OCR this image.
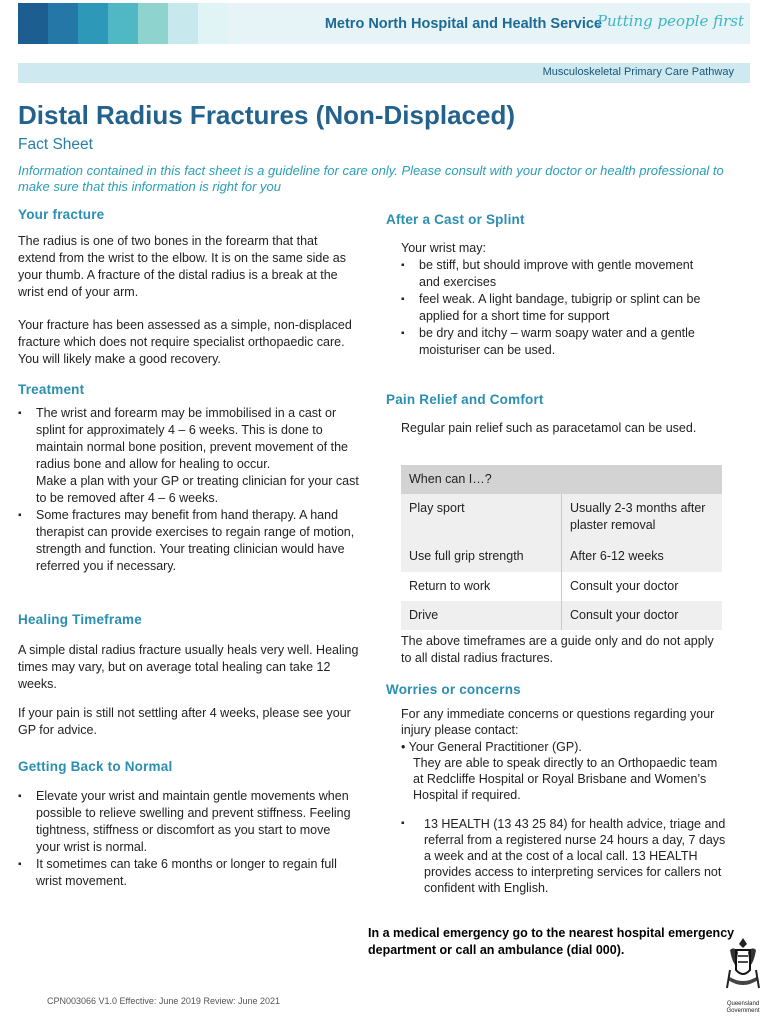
Metro North Hospital and Health Service
Putting people first
Musculoskeletal Primary Care Pathway
Distal Radius Fractures (Non-Displaced)
Fact Sheet
Information contained in this fact sheet is a guideline for care only. Please consult with your doctor or health professional to make sure that this information is right for you
Your fracture

The radius is one of two bones in the forearm that that extend from the wrist to the elbow. It is on the same side as your thumb. A fracture of the distal radius is a break at the wrist end of your arm.

Your fracture has been assessed as a simple, non-displaced fracture which does not require specialist orthopaedic care. You will likely make a good recovery.

Treatment
▪ The wrist and forearm may be immobilised in a cast or splint for approximately 4 – 6 weeks. This is done to maintain normal bone position, prevent movement of the radius bone and allow for healing to occur.
Make a plan with your GP or treating clinician for your cast to be removed after 4 – 6 weeks.
▪ Some fractures may benefit from hand therapy. A hand therapist can provide exercises to regain range of motion, strength and function. Your treating clinician would have referred you if necessary.
Healing Timeframe

A simple distal radius fracture usually heals very well. Healing times may vary, but on average total healing can take 12 weeks.

If your pain is still not settling after 4 weeks, please see your GP for advice.

Getting Back to Normal
▪ Elevate your wrist and maintain gentle movements when possible to relieve swelling and prevent stiffness. Feeling tightness, stiffness or discomfort as you start to move your wrist is normal.
▪ It sometimes can take 6 months or longer to regain full wrist movement.
After a Cast or Splint

Your wrist may:

▪ be stiff, but should improve with gentle movement and exercises
▪ feel weak. A light bandage, tubigrip or splint can be applied for a short time for support
▪ be dry and itchy – warm soapy water and a gentle moisturiser can be used.
Pain Relief and Comfort

Regular pain relief such as paracetamol can be used.

When can I…?	
Play sport	Usually 2-3 months after plaster removal
Use full grip strength	After 6-12 weeks
Return to work	Consult your doctor
Drive	Consult your doctor

The above timeframes are a guide only and do not apply to all distal radius fractures.

Worries or concerns

For any immediate concerns or questions regarding your injury please contact:

• Your General Practitioner (GP).

They are able to speak directly to an Orthopaedic team at Redcliffe Hospital or Royal Brisbane and Women’s Hospital if required.

▪ 13 HEALTH (13 43 25 84) for health advice, triage and referral from a registered nurse 24 hours a day, 7 days a week and at the cost of a local call. 13 HEALTH provides access to interpreting services for callers not confident with English.
In a medical emergency go to the nearest hospital emergency department or call an ambulance (dial 000).
CPN003066 V1.0 Effective: June 2019 Review: June 2021	Queensland Government
